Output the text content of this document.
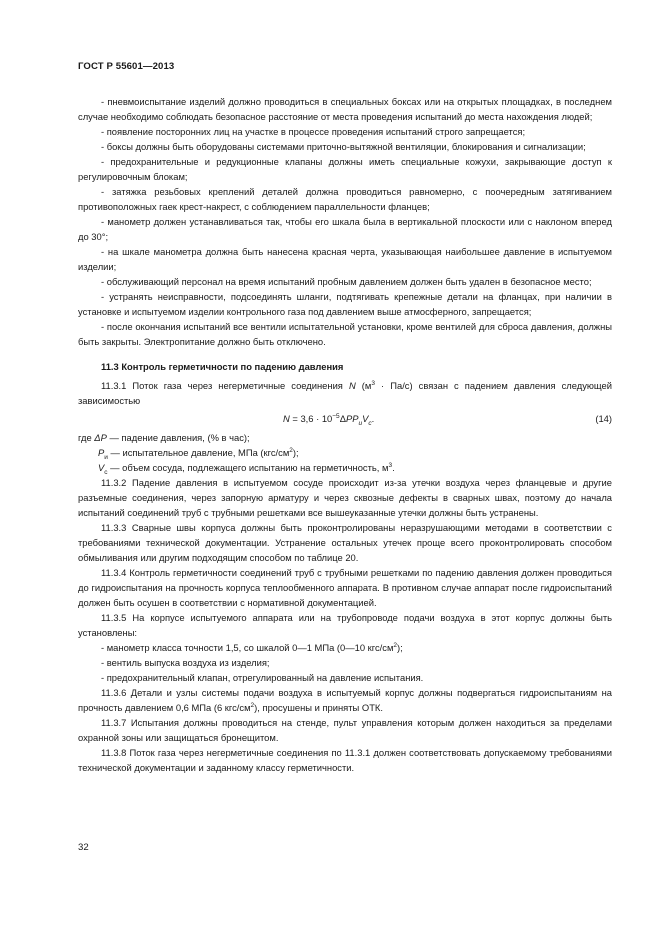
ГОСТ Р 55601—2013

- пневмоиспытание изделий должно проводиться в специальных боксах или на открытых площадках, в последнем случае необходимо соблюдать безопасное расстояние от места проведения испытаний до места нахождения людей;

- появление посторонних лиц на участке в процессе проведения испытаний строго запрещается;

- боксы должны быть оборудованы системами приточно-вытяжной вентиляции, блокирования и сигнализации;

- предохранительные и редукционные клапаны должны иметь специальные кожухи, закрывающие доступ к регулировочным блокам;

- затяжка резьбовых креплений деталей должна проводиться равномерно, с поочередным затягиванием противоположных гаек крест-накрест, с соблюдением параллельности фланцев;

- манометр должен устанавливаться так, чтобы его шкала была в вертикальной плоскости или с наклоном вперед до 30°;

- на шкале манометра должна быть нанесена красная черта, указывающая наибольшее давление в испытуемом изделии;

- обслуживающий персонал на время испытаний пробным давлением должен быть удален в безопасное место;

- устранять неисправности, подсоединять шланги, подтягивать крепежные детали на фланцах, при наличии в установке и испытуемом изделии контрольного газа под давлением выше атмосферного, запрещается;

- после окончания испытаний все вентили испытательной установки, кроме вентилей для сброса давления, должны быть закрыты. Электропитание должно быть отключено.

11.3 Контроль герметичности по падению давления

11.3.1 Поток газа через негерметичные соединения N $(м^3 \cdot Па/с)$ связан с падением давления следующей зависимостью

$N = 3,6 \cdot 10^{-5}\Delta PP_иV_c$.	(14)

где ΔP — падение давления, (% в час);

$P_и$ — испытательное давление, МПа $(кгс/см^2)$;

$V_c$ — объем сосуда, подлежащего испытанию на герметичность, $м^3$.

11.3.2 Падение давления в испытуемом сосуде происходит из-за утечки воздуха через фланцевые и другие разъемные соединения, через запорную арматуру и через сквозные дефекты в сварных швах, поэтому до начала испытаний соединений труб с трубными решетками все вышеуказанные утечки должны быть устранены.

11.3.3 Сварные швы корпуса должны быть проконтролированы неразрушающими методами в соответствии с требованиями технической документации. Устранение остальных утечек проще всего проконтролировать способом обмыливания или другим подходящим способом по таблице 20.

11.3.4 Контроль герметичности соединений труб с трубными решетками по падению давления должен проводиться до гидроиспытания на прочность корпуса теплообменного аппарата. В противном случае аппарат после гидроиспытаний должен быть осушен в соответствии с нормативной документацией.

11.3.5 На корпусе испытуемого аппарата или на трубопроводе подачи воздуха в этот корпус должны быть установлены:

- манометр класса точности 1,5, со шкалой 0—1 МПа (0—10 кгс/$см^2$);

- вентиль выпуска воздуха из изделия;

- предохранительный клапан, отрегулированный на давление испытания.

11.3.6 Детали и узлы системы подачи воздуха в испытуемый корпус должны подвергаться гидроиспытаниям на прочность давлением 0,6 МПа (6 кгс/$см^2$), просушены и приняты ОТК.

11.3.7 Испытания должны проводиться на стенде, пульт управления которым должен находиться за пределами охранной зоны или защищаться бронещитом.

11.3.8 Поток газа через негерметичные соединения по 11.3.1 должен соответствовать допускаемому требованиями технической документации и заданному классу герметичности.

32
